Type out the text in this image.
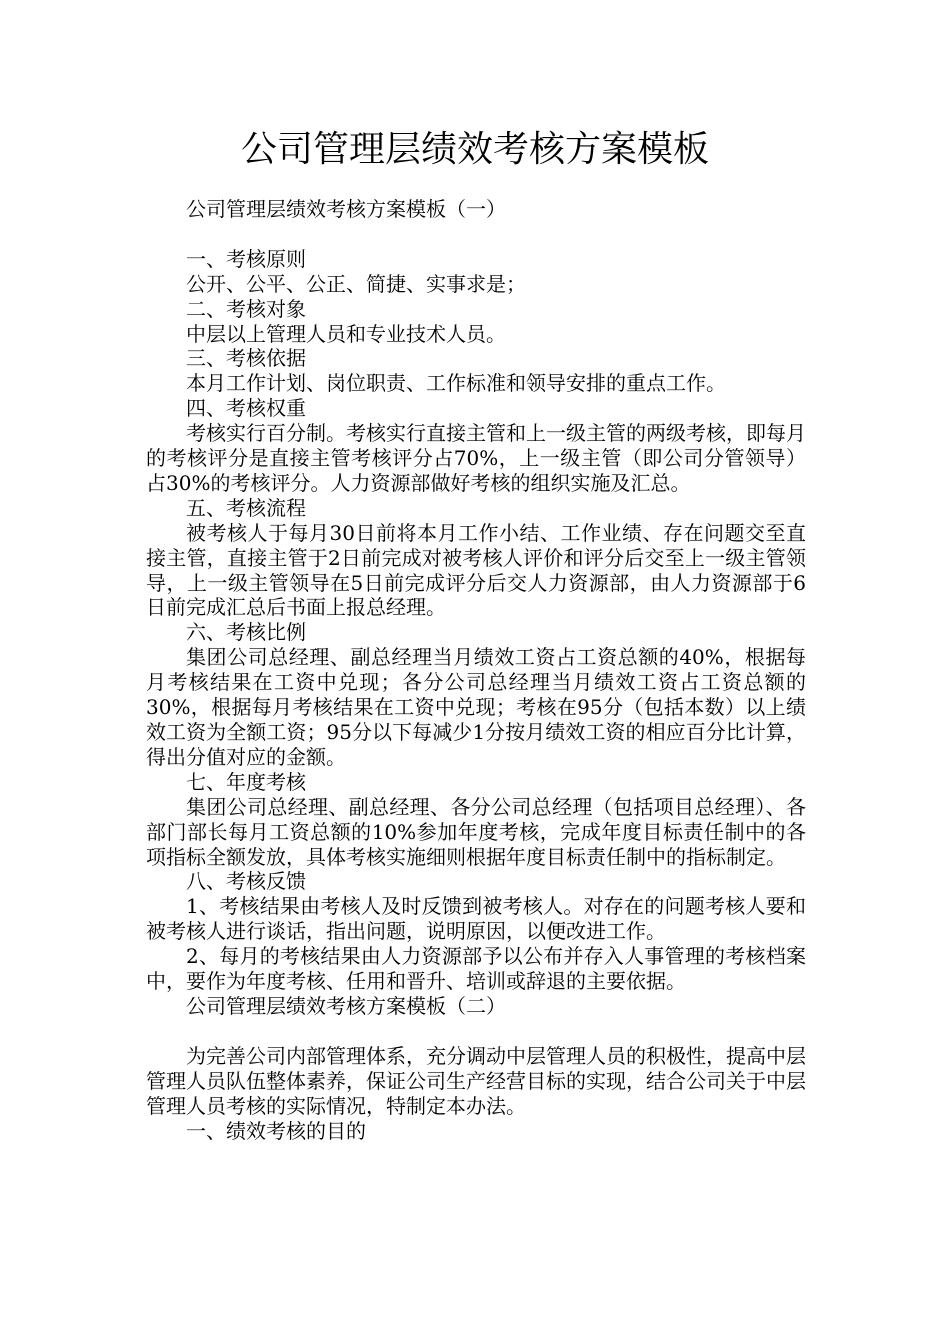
公司管理层绩效考核方案模板

公司管理层绩效考核方案模板（一）

一、考核原则

公开、公平、公正、简捷、实事求是；

二、考核对象

中层以上管理人员和专业技术人员。

三、考核依据

本月工作计划、岗位职责、工作标准和领导安排的重点工作。

四、考核权重

考核实行百分制。考核实行直接主管和上一级主管的两级考核，即每月的考核评分是直接主管考核评分占70%，上一级主管（即公司分管领导）占30%的考核评分。人力资源部做好考核的组织实施及汇总。

五、考核流程

被考核人于每月30日前将本月工作小结、工作业绩、存在问题交至直接主管，直接主管于2日前完成对被考核人评价和评分后交至上一级主管领导，上一级主管领导在5日前完成评分后交人力资源部，由人力资源部于6日前完成汇总后书面上报总经理。

六、考核比例

集团公司总经理、副总经理当月绩效工资占工资总额的40%，根据每月考核结果在工资中兑现；各分公司总经理当月绩效工资占工资总额的30%，根据每月考核结果在工资中兑现；考核在95分（包括本数）以上绩效工资为全额工资；95分以下每减少1分按月绩效工资的相应百分比计算，得出分值对应的金额。

七、年度考核

集团公司总经理、副总经理、各分公司总经理（包括项目总经理）、各部门部长每月工资总额的10%参加年度考核，完成年度目标责任制中的各项指标全额发放，具体考核实施细则根据年度目标责任制中的指标制定。

八、考核反馈

1、考核结果由考核人及时反馈到被考核人。对存在的问题考核人要和被考核人进行谈话，指出问题，说明原因，以便改进工作。

2、每月的考核结果由人力资源部予以公布并存入人事管理的考核档案中，要作为年度考核、任用和晋升、培训或辞退的主要依据。

公司管理层绩效考核方案模板（二）

为完善公司内部管理体系，充分调动中层管理人员的积极性，提高中层管理人员队伍整体素养，保证公司生产经营目标的实现，结合公司关于中层管理人员考核的实际情况，特制定本办法。

一、绩效考核的目的
